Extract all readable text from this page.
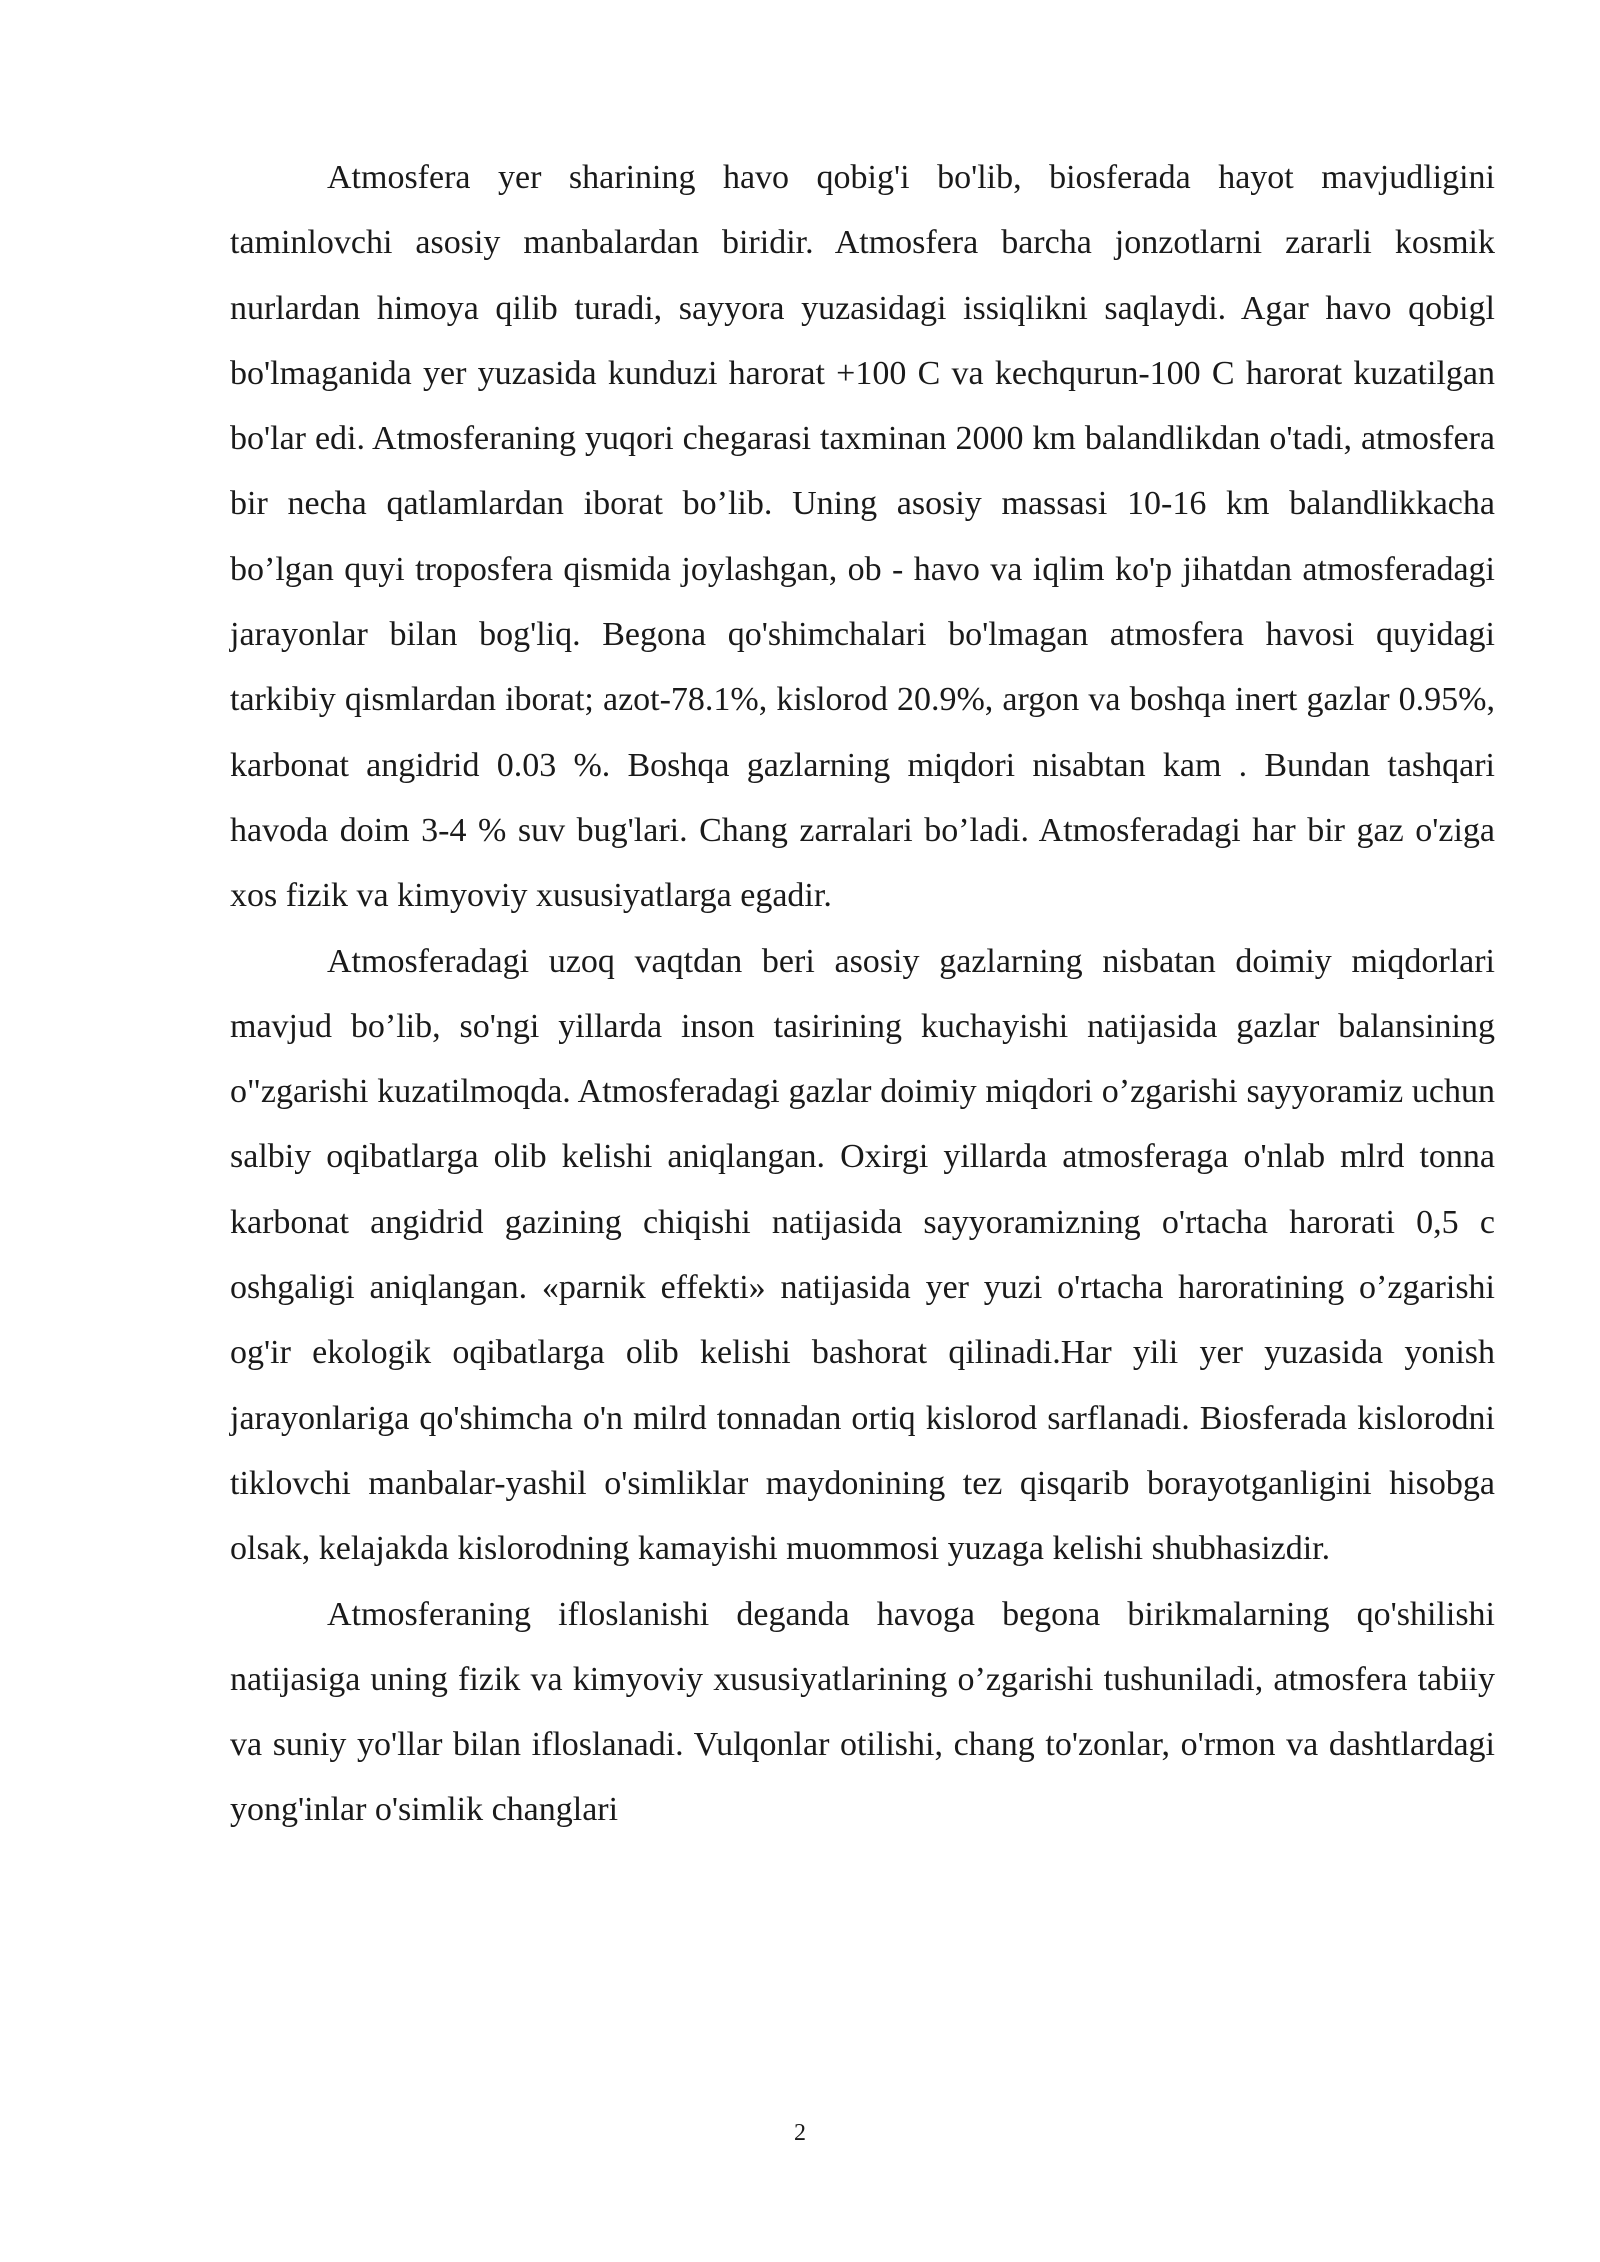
Atmosfera yer sharining havo qobig'i bo'lib, biosferada hayot mavjudligini taminlovchi asosiy manbalardan biridir. Atmosfera barcha jonzotlarni zararli kosmik nurlardan himoya qilib turadi, sayyora yuzasidagi issiqlikni saqlaydi. Agar havo qobigl bo'lmaganida yer yuzasida kunduzi harorat +100 C va kechqurun-100 C harorat kuzatilgan bo'lar edi. Atmosferaning yuqori chegarasi taxminan 2000 km balandlikdan o'tadi, atmosfera bir necha qatlamlardan iborat bo’lib. Uning asosiy massasi 10-16 km balandlikkacha bo’lgan quyi troposfera qismida joylashgan, ob - havo va iqlim ko'p jihatdan atmosferadagi jarayonlar bilan bog'liq. Begona qo'shimchalari bo'lmagan atmosfera havosi quyidagi tarkibiy qismlardan iborat; azot-78.1%, kislorod 20.9%, argon va boshqa inert gazlar 0.95%, karbonat angidrid 0.03 %. Boshqa gazlarning miqdori nisabtan kam . Bundan tashqari havoda doim 3-4 % suv bug'lari. Chang zarralari bo’ladi. Atmosferadagi har bir gaz o'ziga xos fizik va kimyoviy xususiyatlarga egadir.

Atmosferadagi uzoq vaqtdan beri asosiy gazlarning nisbatan doimiy miqdorlari mavjud bo’lib, so'ngi yillarda inson tasirining kuchayishi natijasida gazlar balansining o"zgarishi kuzatilmoqda. Atmosferadagi gazlar doimiy miqdori o’zgarishi sayyoramiz uchun salbiy oqibatlarga olib kelishi aniqlangan. Oxirgi yillarda atmosferaga o'nlab mlrd tonna karbonat angidrid gazining chiqishi natijasida sayyoramizning o'rtacha harorati 0,5 c oshgaligi aniqlangan. «parnik effekti» natijasida yer yuzi o'rtacha haroratining o’zgarishi og'ir ekologik oqibatlarga olib kelishi bashorat qilinadi.Har yili yer yuzasida yonish jarayonlariga qo'shimcha o'n milrd tonnadan ortiq kislorod sarflanadi. Biosferada kislorodni tiklovchi manbalar-yashil o'simliklar maydonining tez qisqarib borayotganligini hisobga olsak, kelajakda kislorodning kamayishi muommosi yuzaga kelishi shubhasizdir.

Atmosferaning ifloslanishi deganda havoga begona birikmalarning qo'shilishi natijasiga uning fizik va kimyoviy xususiyatlarining o’zgarishi tushuniladi, atmosfera tabiiy va suniy yo'llar bilan ifloslanadi. Vulqonlar otilishi, chang to'zonlar, o'rmon va dashtlardagi yong'inlar o'simlik changlari

2
